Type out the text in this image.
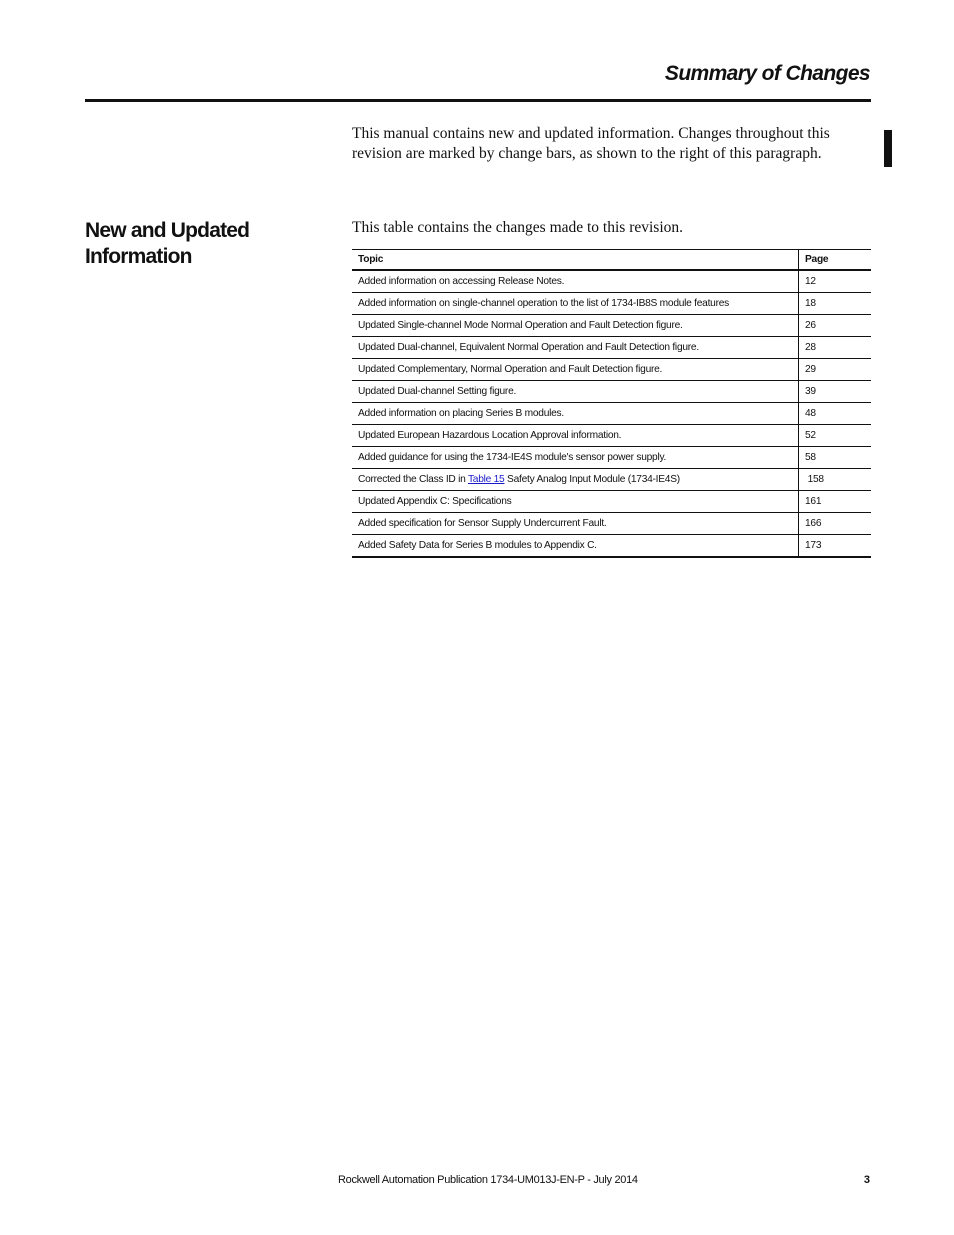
Summary of Changes

This manual contains new and updated information. Changes throughout this revision are marked by change bars, as shown to the right of this paragraph.

New and Updated Information

This table contains the changes made to this revision.

Topic	Page
Added information on accessing Release Notes.	12
Added information on single-channel operation to the list of 1734-IB8S module features	18
Updated Single-channel Mode Normal Operation and Fault Detection figure.	26
Updated Dual-channel, Equivalent Normal Operation and Fault Detection figure.	28
Updated Complementary, Normal Operation and Fault Detection figure.	29
Updated Dual-channel Setting figure.	39
Added information on placing Series B modules.	48
Updated European Hazardous Location Approval information.	52
Added guidance for using the 1734-IE4S module's sensor power supply.	58
Corrected the Class ID in Table 15 Safety Analog Input Module (1734-IE4S)	158
Updated Appendix C: Specifications	161
Added specification for Sensor Supply Undercurrent Fault.	166
Added Safety Data for Series B modules to Appendix C.	173

Rockwell Automation Publication 1734-UM013J-EN-P - July 2014	3
